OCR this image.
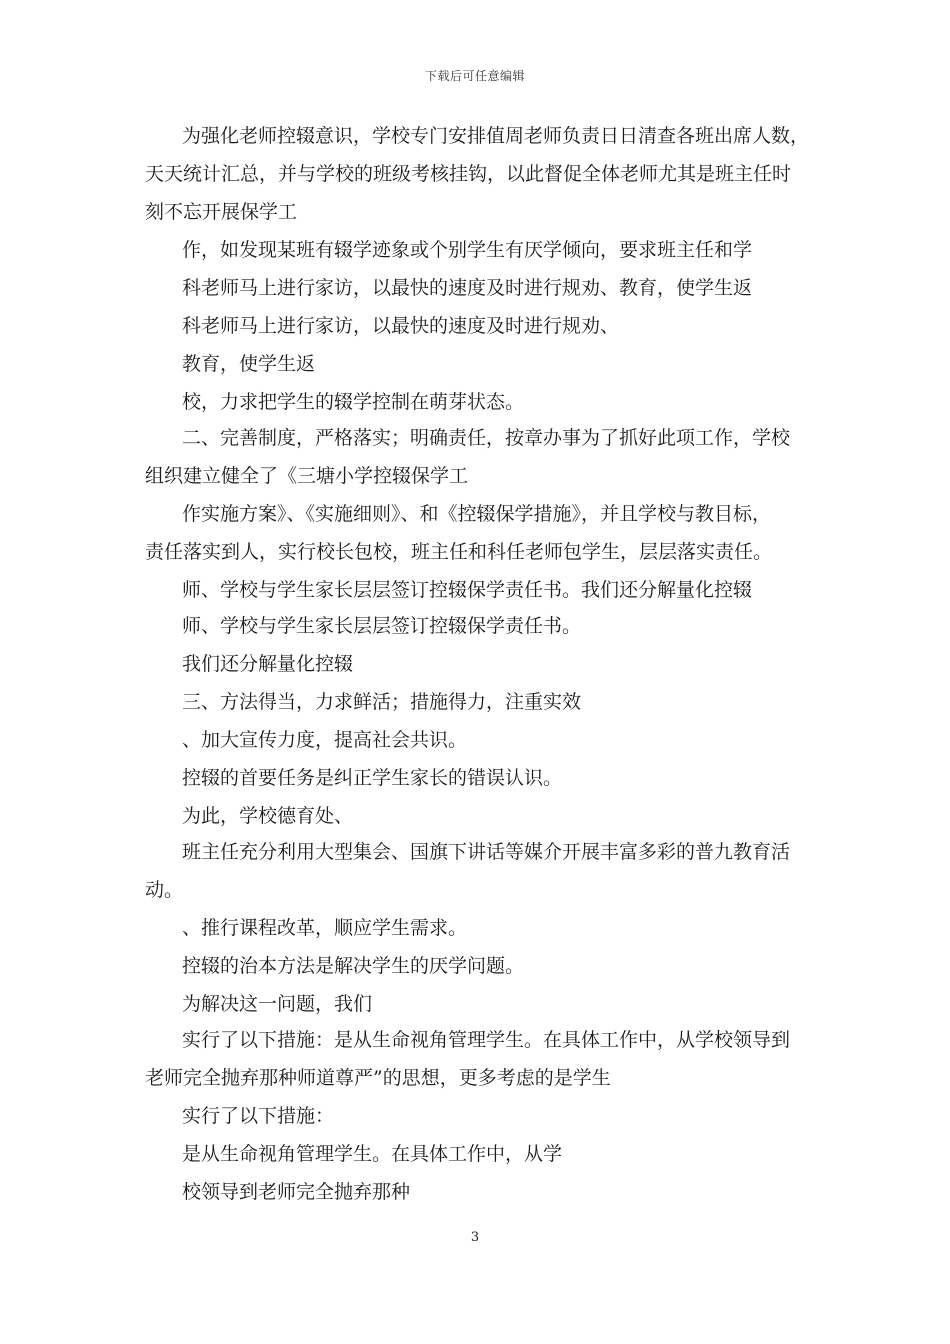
下载后可任意编辑
为强化老师控辍意识，学校专门安排值周老师负责日日清查各班出席人数，
天天统计汇总，并与学校的班级考核挂钩，以此督促全体老师尤其是班主任时
刻不忘开展保学工
作，如发现某班有辍学迹象或个别学生有厌学倾向，要求班主任和学
科老师马上进行家访，以最快的速度及时进行规劝、教育，使学生返
科老师马上进行家访，以最快的速度及时进行规劝、
教育，使学生返
校，力求把学生的辍学控制在萌芽状态。
二、完善制度，严格落实；明确责任，按章办事为了抓好此项工作，学校
组织建立健全了《三塘小学控辍保学工
作实施方案》、《实施细则》、和《控辍保学措施》，并且学校与教目标，
责任落实到人，实行校长包校，班主任和科任老师包学生，层层落实责任。
师、学校与学生家长层层签订控辍保学责任书。我们还分解量化控辍
师、学校与学生家长层层签订控辍保学责任书。
我们还分解量化控辍
三、方法得当，力求鲜活；措施得力，注重实效
、加大宣传力度，提高社会共识。
控辍的首要任务是纠正学生家长的错误认识。
为此，学校德育处、
班主任充分利用大型集会、国旗下讲话等媒介开展丰富多彩的普九教育活
动。
、推行课程改革，顺应学生需求。
控辍的治本方法是解决学生的厌学问题。
为解决这一问题，我们
实行了以下措施：是从生命视角管理学生。在具体工作中，从学校领导到
老师完全抛弃那种师道尊严”的思想，更多考虑的是学生
实行了以下措施：
是从生命视角管理学生。在具体工作中，从学
校领导到老师完全抛弃那种
3
